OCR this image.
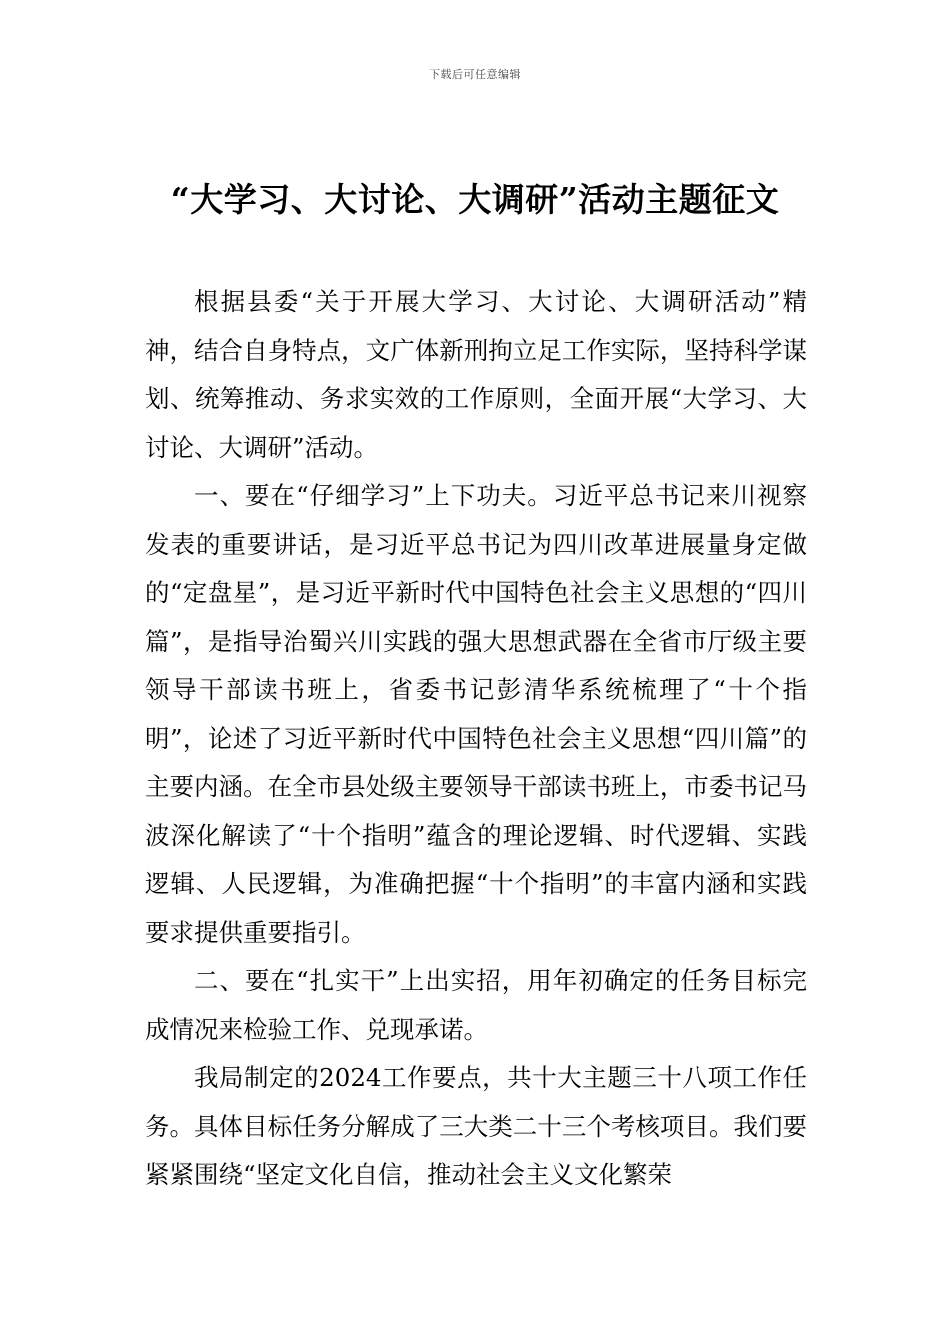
下载后可任意编辑
“大学习、大讨论、大调研”活动主题征文

根据县委“关于开展大学习、大讨论、大调研活动”精神，结合自身特点，文广体新刑拘立足工作实际，坚持科学谋划、统筹推动、务求实效的工作原则，全面开展“大学习、大讨论、大调研”活动。

一、要在“仔细学习”上下功夫。习近平总书记来川视察发表的重要讲话，是习近平总书记为四川改革进展量身定做的“定盘星”，是习近平新时代中国特色社会主义思想的“四川篇”，是指导治蜀兴川实践的强大思想武器在全省市厅级主要领导干部读书班上，省委书记彭清华系统梳理了“十个指明”，论述了习近平新时代中国特色社会主义思想“四川篇”的主要内涵。在全市县处级主要领导干部读书班上，市委书记马波深化解读了“十个指明”蕴含的理论逻辑、时代逻辑、实践逻辑、人民逻辑，为准确把握“十个指明”的丰富内涵和实践要求提供重要指引。

二、要在“扎实干”上出实招，用年初确定的任务目标完成情况来检验工作、兑现承诺。

我局制定的2024工作要点，共十大主题三十八项工作任务。具体目标任务分解成了三大类二十三个考核项目。我们要紧紧围绕“坚定文化自信，推动社会主义文化繁荣
